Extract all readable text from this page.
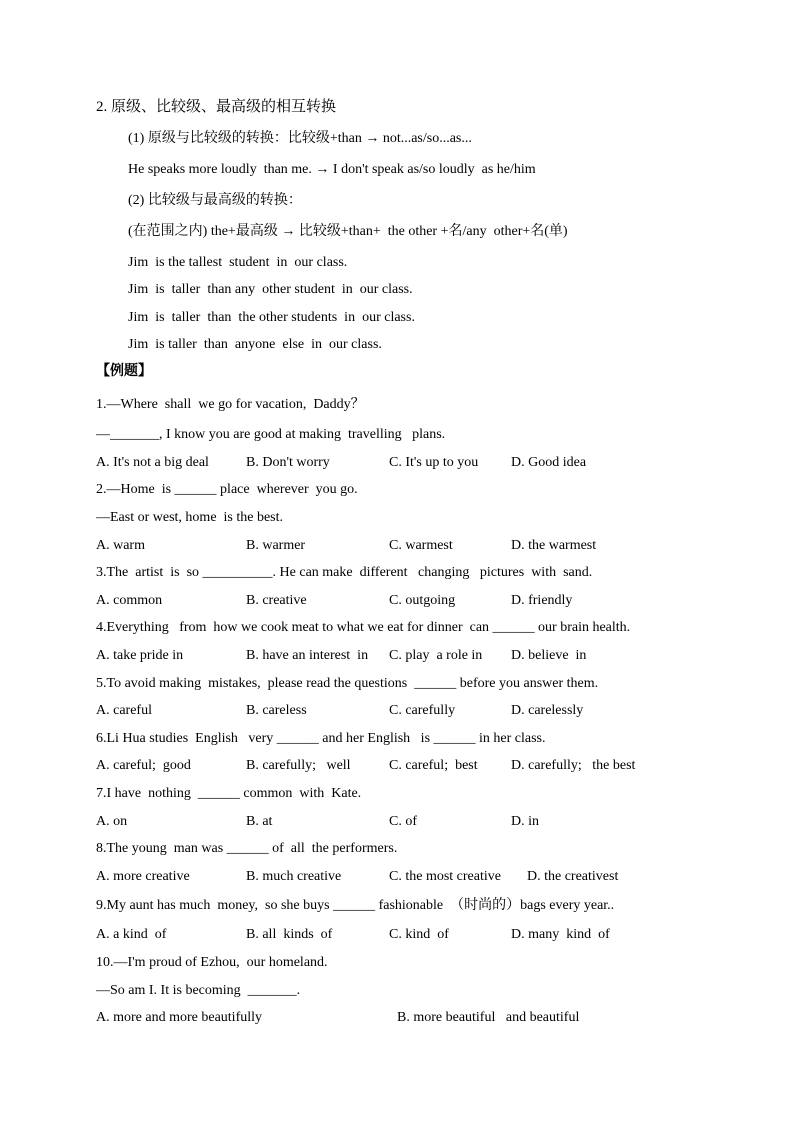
2. 原级、比较级、最高级的相互转换
(1) 原级与比较级的转换：比较级+than → not...as/so...as...
He speaks more loudly  than me. → I don't speak as/so loudly  as he/him
(2) 比较级与最高级的转换：
(在范围之内) the+最高级 → 比较级+than+  the other +名/any  other+名(单)
Jim  is the tallest  student  in  our class.
Jim  is  taller  than any  other student  in  our class.
Jim  is  taller  than  the other students  in  our class.
Jim  is taller  than  anyone  else  in  our class.
【例题】
1.—Where  shall  we go for vacation,  Daddy？
—_______, I know you are good at making  travelling   plans.
A. It's not a big deal	B. Don't worry	C. It's up to you D. Good idea
2.—Home  is ______ place  wherever  you go.
—East or west, home  is the best.
A. warm	B. warmer	C. warmest	D. the warmest
3.The  artist  is  so __________. He can make  different   changing   pictures  with  sand.
A. common	B. creative	C. outgoing	D. friendly
4.Everything   from  how we cook meat to what we eat for dinner  can ______ our brain health.
A. take pride in	B. have an interest  in C. play  a role in D. believe  in
5.To avoid making  mistakes,  please read the questions  ______ before you answer them.
A. careful	B. careless	C. carefully	D. carelessly
6.Li Hua studies  English   very ______ and her English   is ______ in her class.
A. careful;  good	B. carefully;   well	C. careful;  best D. carefully;   the best
7.I have  nothing  ______ common  with  Kate.
A. on	B. at	C. of	D. in
8.The young  man was ______ of  all  the performers.
A. more creative	B. much creative	C. the most creative D. the creativest
9.My aunt has much  money,  so she buys ______ fashionable  （时尚的）bags every year..
A. a kind  of	B. all  kinds  of	C. kind  of	D. many  kind  of
10.—I'm proud of Ezhou,  our homeland.
—So am I. It is becoming  _______.
A. more and more beautifully	B. more beautiful   and beautiful
